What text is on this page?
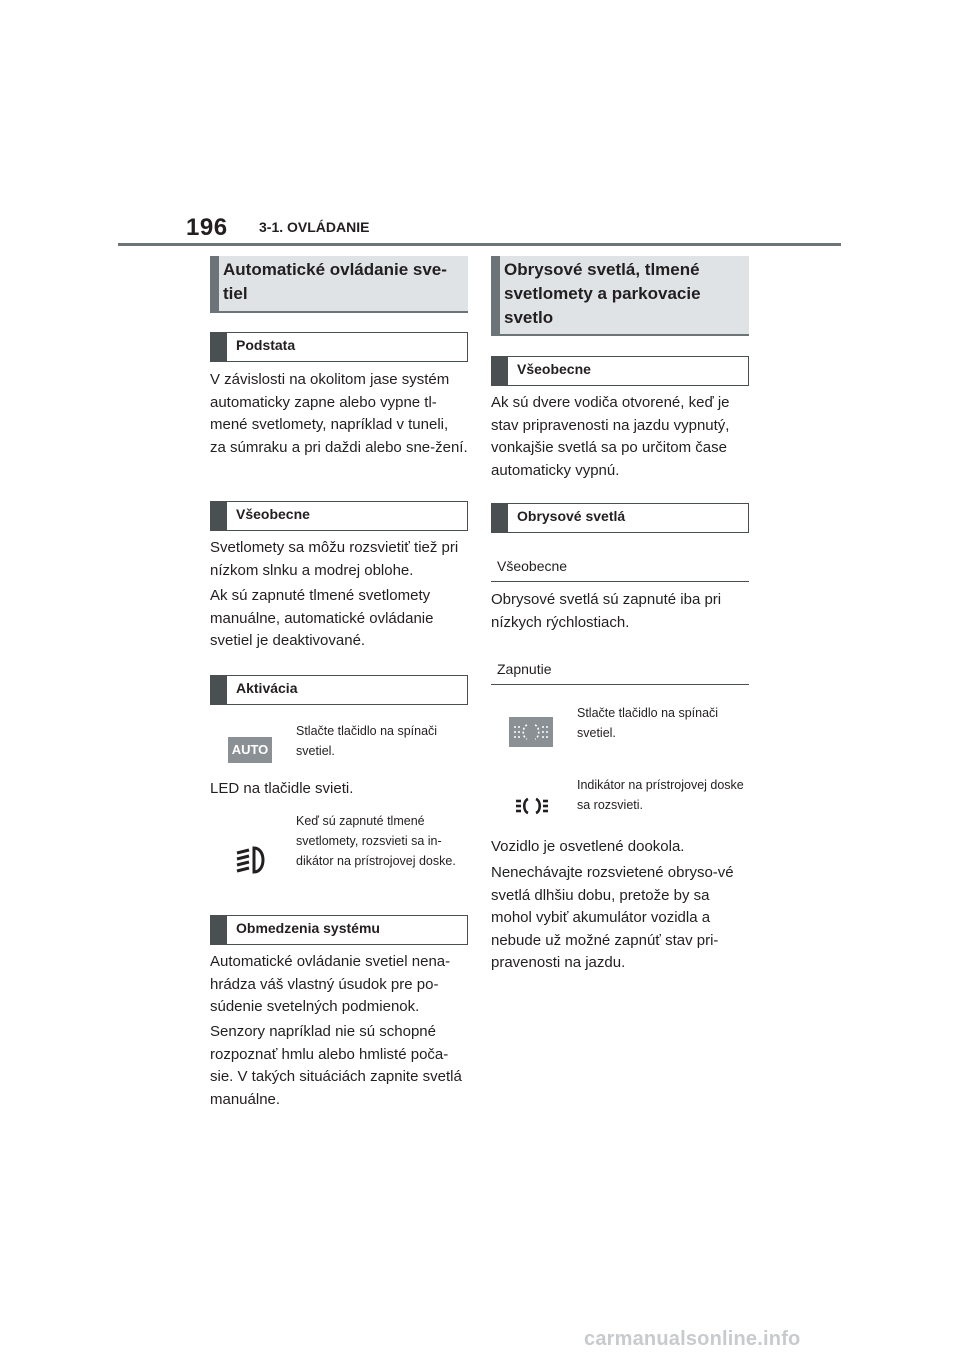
196 3-1. OVLÁDANIE
Automatické ovládanie sve-
tiel
Podstata

V závislosti na okolitom jase systém automaticky zapne alebo vypne tl-mené svetlomety, napríklad v tuneli, za súmraku a pri daždi alebo sne-žení.

Všeobecne

Svetlomety sa môžu rozsvietiť tiež pri nízkom slnku a modrej oblohe.

Ak sú zapnuté tlmené svetlomety manuálne, automatické ovládanie svetiel je deaktivované.

Aktivácia
AUTO

Stlačte tlačidlo na spínači svetiel.

LED na tlačidle svieti.

Keď sú zapnuté tlmené svetlomety, rozsvieti sa in-dikátor na prístrojovej doske.

Obmedzenia systému

Automatické ovládanie svetiel nena-hrádza váš vlastný úsudok pre po-súdenie svetelných podmienok.

Senzory napríklad nie sú schopné rozpoznať hmlu alebo hmlisté poča-sie. V takých situáciách zapnite svetlá manuálne.

Obrysové svetlá, tlmené svetlomety a parkovacie svetlo
Všeobecne

Ak sú dvere vodiča otvorené, keď je stav pripravenosti na jazdu vypnutý, vonkajšie svetlá sa po určitom čase automaticky vypnú.

Obrysové svetlá
Všeobecne

Obrysové svetlá sú zapnuté iba pri nízkych rýchlostiach.

Zapnutie

Stlačte tlačidlo na spínači svetiel.

Indikátor na prístrojovej doske sa rozsvieti.

Vozidlo je osvetlené dookola.

Nenechávajte rozsvietené obryso-vé svetlá dlhšiu dobu, pretože by sa mohol vybiť akumulátor vozidla a nebude už možné zapnúť stav pri-pravenosti na jazdu.

carmanualsonline.info
